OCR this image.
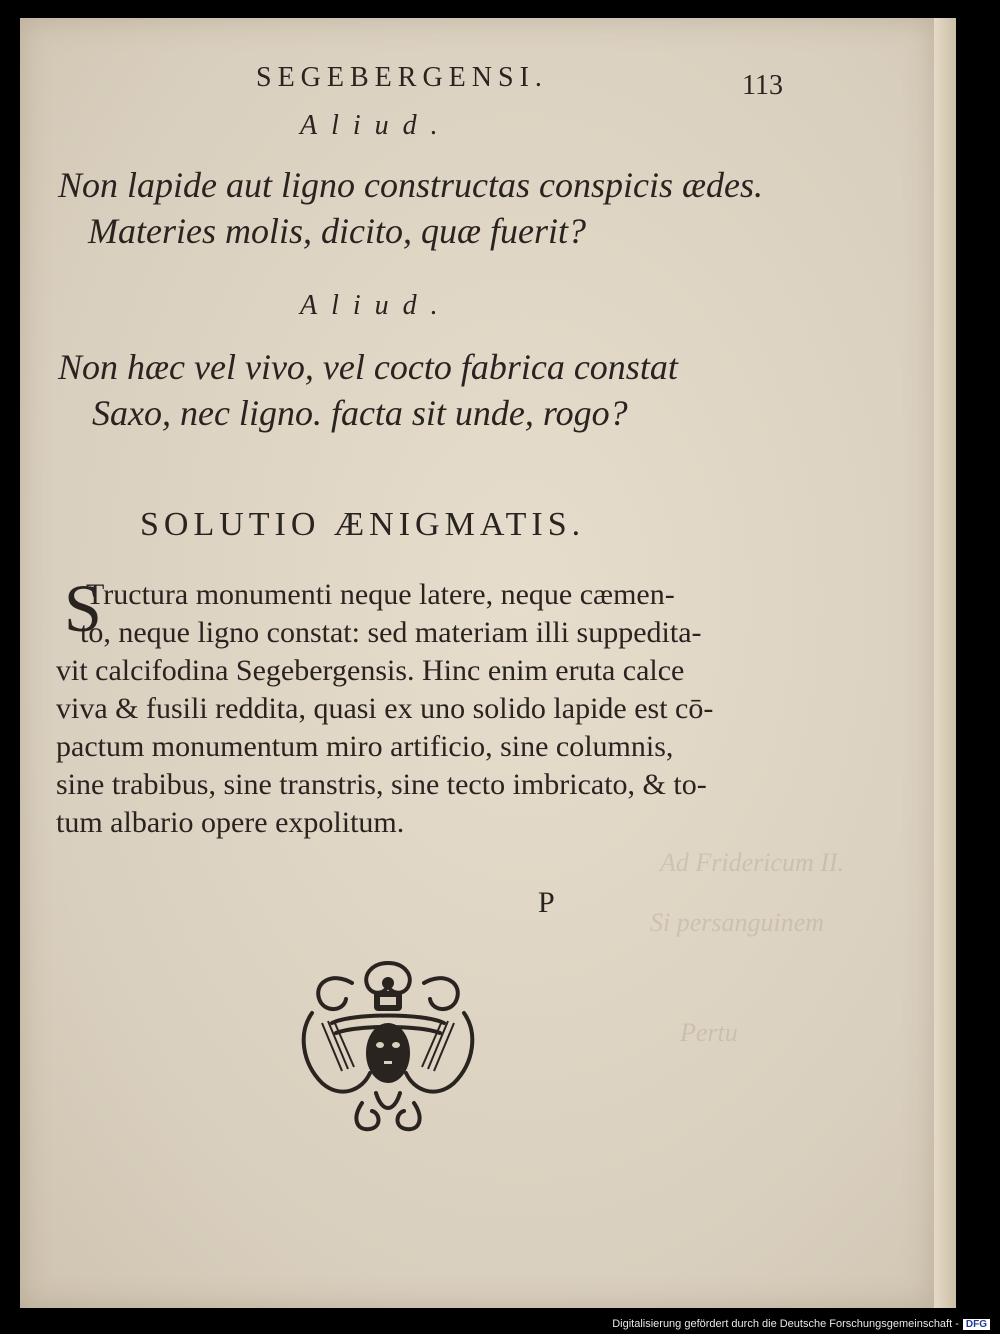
Ad Fridericum II.
Si persanguinem
Pertu
SEGEBERGENSI.	113
Aliud.
Non lapide aut ligno constructas conspicis ædes.
Materies molis, dicito, quæ fuerit?
Aliud.
Non hæc vel vivo, vel cocto fabrica constat
Saxo, nec ligno. facta sit unde, rogo?
SOLUTIO ÆNIGMATIS.
S
Tructura monumenti neque latere, neque cæmen-
to, neque ligno constat: sed materiam illi suppedita-
vit calcifodina Segebergensis. Hinc enim eruta calce
viva & fusili reddita, quasi ex uno solido lapide est cō-
pactum monumentum miro artificio, sine columnis,
sine trabibus, sine transtris, sine tecto imbricato, & to-
tum albario opere expolitum.
P
Digitalisierung gefördert durch die Deutsche Forschungsgemeinschaft - DFG
